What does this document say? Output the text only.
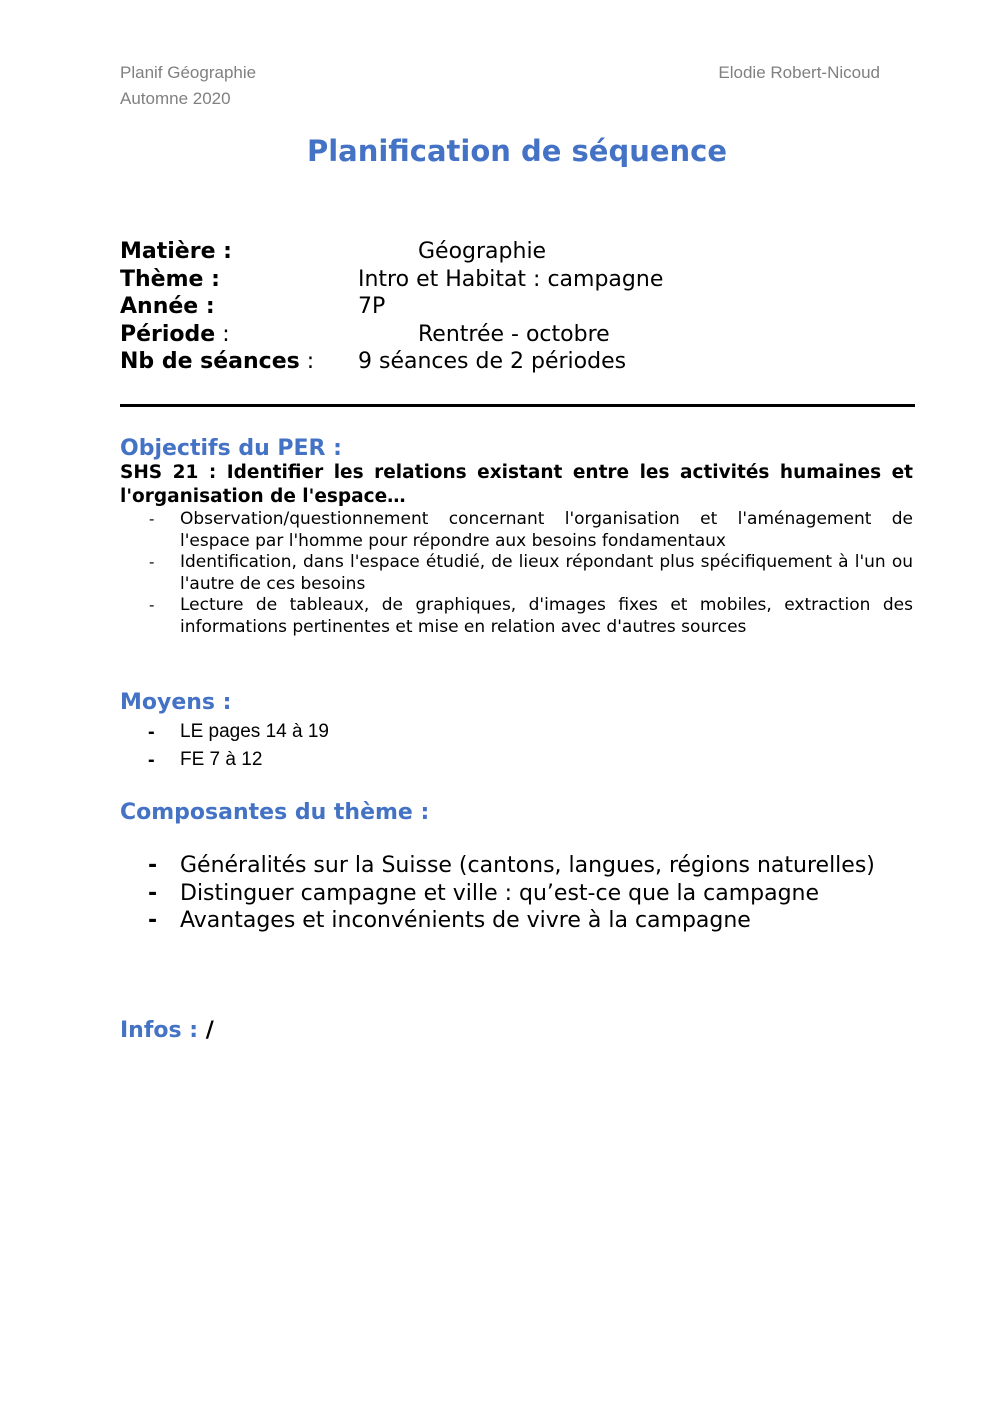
Planif Géographie
Automne 2020
Elodie Robert-Nicoud
Planification de séquence
Matière :	Géographie
Thème :	Intro et Habitat : campagne
Année :	7P
Période :	Rentrée - octobre
Nb de séances : 9 séances de 2 périodes
Objectifs du PER :
SHS 21 : Identifier les relations existant entre les activités humaines et l'organisation de l'espace…
- Observation/questionnement concernant l'organisation et l'aménagement de l'espace par l'homme pour répondre aux besoins fondamentaux
- Identification, dans l'espace étudié, de lieux répondant plus spécifiquement à l'un ou l'autre de ces besoins
- Lecture de tableaux, de graphiques, d'images fixes et mobiles, extraction des informations pertinentes et mise en relation avec d'autres sources
Moyens :
- LE pages 14 à 19
- FE 7 à 12
Composantes du thème :
- Généralités sur la Suisse (cantons, langues, régions naturelles)
- Distinguer campagne et ville : qu’est-ce que la campagne
- Avantages et inconvénients de vivre à la campagne
Infos : /
